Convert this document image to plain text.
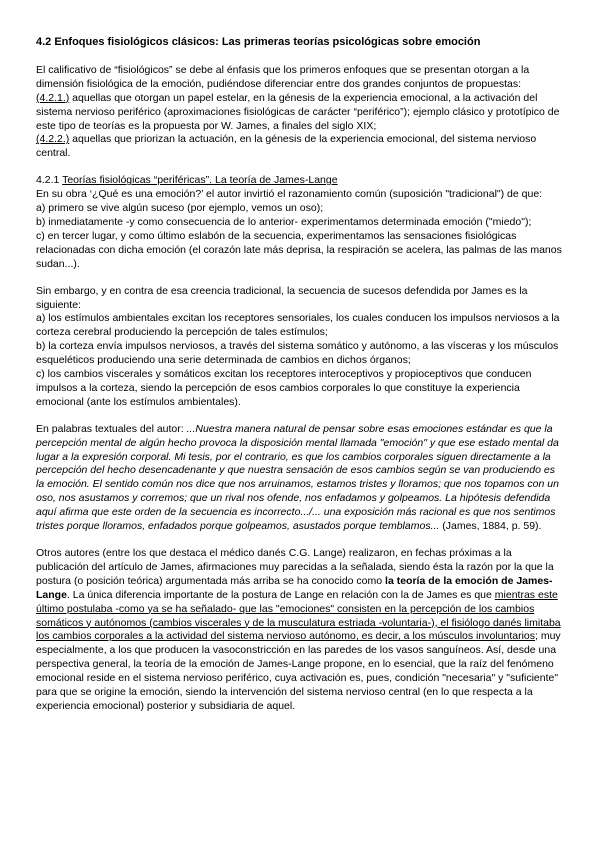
4.2 Enfoques fisiológicos clásicos: Las primeras teorías psicológicas sobre emoción

El calificativo de “fisiológicos” se debe al énfasis que los primeros enfoques que se presentan otorgan a la dimensión fisiológica de la emoción, pudiéndose diferenciar entre dos grandes conjuntos de propuestas:

(4.2.1.) aquellas que otorgan un papel estelar, en la génesis de la experiencia emocional, a la activación del sistema nervioso periférico (aproximaciones fisiológicas de carácter “periférico”); ejemplo clásico y prototípico de este tipo de teorías es la propuesta por W. James, a finales del siglo XIX;

(4.2.2.) aquellas que priorizan la actuación, en la génesis de la experiencia emocional, del sistema nervioso central.

4.2.1 Teorías fisiológicas “periféricas”. La teoría de James-Lange

En su obra ‘¿Qué es una emoción?’ el autor invirtió el razonamiento común (suposición "tradicional") de que:

a) primero se vive algún suceso (por ejemplo, vemos un oso);

b) inmediatamente -y como consecuencia de lo anterior- experimentamos determinada emoción ("miedo");

c) en tercer lugar, y como último eslabón de la secuencia, experimentamos las sensaciones fisiológicas relacionadas con dicha emoción (el corazón late más deprisa, la respiración se acelera, las palmas de las manos sudan...).

Sin embargo, y en contra de esa creencia tradicional, la secuencia de sucesos defendida por James es la siguiente:

a) los estímulos ambientales excitan los receptores sensoriales, los cuales conducen los impulsos nerviosos a la corteza cerebral produciendo la percepción de tales estímulos;

b) la corteza envía impulsos nerviosos, a través del sistema somático y autónomo, a las vísceras y los músculos esqueléticos produciendo una serie determinada de cambios en dichos órganos;

c) los cambios viscerales y somáticos excitan los receptores interoceptivos y propioceptivos que conducen impulsos a la corteza, siendo la percepción de esos cambios corporales lo que constituye la experiencia emocional (ante los estímulos ambientales).

En palabras textuales del autor: ...Nuestra manera natural de pensar sobre esas emociones estándar es que la percepción mental de algún hecho provoca la disposición mental llamada "emoción" y que ese estado mental da lugar a la expresión corporal. Mi tesis, por el contrario, es que los cambios corporales siguen directamente a la percepción del hecho desencadenante y que nuestra sensación de esos cambios según se van produciendo es la emoción. El sentido común nos dice que nos arruinamos, estamos tristes y lloramos; que nos topamos con un oso, nos asustamos y corremos; que un rival nos ofende, nos enfadamos y golpeamos. La hipótesis defendida aquí afirma que este orden de la secuencia es incorrecto.../... una exposición más racional es que nos sentimos tristes porque lloramos, enfadados porque golpeamos, asustados porque temblamos... (James, 1884, p. 59).

Otros autores (entre los que destaca el médico danés C.G. Lange) realizaron, en fechas próximas a la publicación del artículo de James, afirmaciones muy parecidas a la señalada, siendo ésta la razón por la que la postura (o posición teórica) argumentada más arriba se ha conocido como la teoría de la emoción de James-Lange. La única diferencia importante de la postura de Lange en relación con la de James es que mientras este último postulaba -como ya se ha señalado- que las "emociones" consisten en la percepción de los cambios somáticos y autónomos (cambios viscerales y de la musculatura estriada -voluntaria-), el fisiólogo danés limitaba los cambios corporales a la actividad del sistema nervioso autónomo, es decir, a los músculos involuntarios; muy especialmente, a los que producen la vasoconstricción en las paredes de los vasos sanguíneos. Así, desde una perspectiva general, la teoría de la emoción de James-Lange propone, en lo esencial, que la raíz del fenómeno emocional reside en el sistema nervioso periférico, cuya activación es, pues, condición "necesaria" y "suficiente" para que se origine la emoción, siendo la intervención del sistema nervioso central (en lo que respecta a la experiencia emocional) posterior y subsidiaria de aquel.
